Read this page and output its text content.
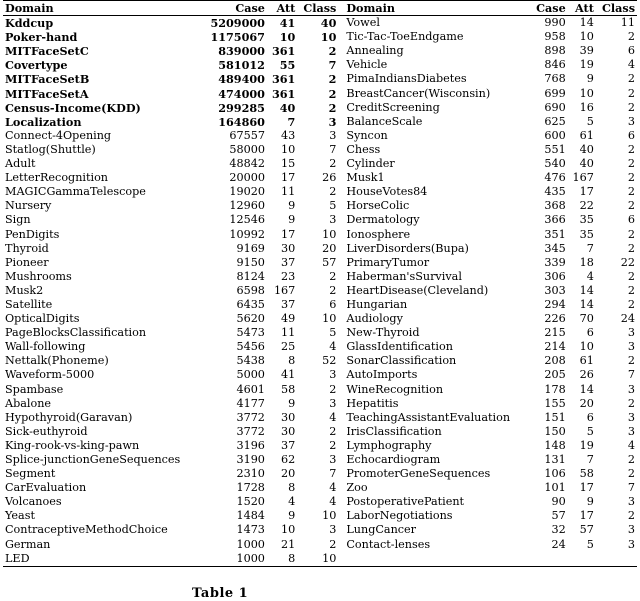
Domain	Case	Att	Class		Domain	Case	Att	Class
Kddcup	5209000	41	40		Vowel	990	14	11
Poker-hand	1175067	10	10		Tic-Tac-ToeEndgame	958	10	2
MITFaceSetC	839000	361	2		Annealing	898	39	6
Covertype	581012	55	7		Vehicle	846	19	4
MITFaceSetB	489400	361	2		PimaIndiansDiabetes	768	9	2
MITFaceSetA	474000	361	2		BreastCancer(Wisconsin)	699	10	2
Census-Income(KDD)	299285	40	2		CreditScreening	690	16	2
Localization	164860	7	3		BalanceScale	625	5	3
Connect-4Opening	67557	43	3		Syncon	600	61	6
Statlog(Shuttle)	58000	10	7		Chess	551	40	2
Adult	48842	15	2		Cylinder	540	40	2
LetterRecognition	20000	17	26		Musk1	476	167	2
MAGICGammaTelescope	19020	11	2		HouseVotes84	435	17	2
Nursery	12960	9	5		HorseColic	368	22	2
Sign	12546	9	3		Dermatology	366	35	6
PenDigits	10992	17	10		Ionosphere	351	35	2
Thyroid	9169	30	20		LiverDisorders(Bupa)	345	7	2
Pioneer	9150	37	57		PrimaryTumor	339	18	22
Mushrooms	8124	23	2		Haberman'sSurvival	306	4	2
Musk2	6598	167	2		HeartDisease(Cleveland)	303	14	2
Satellite	6435	37	6		Hungarian	294	14	2
OpticalDigits	5620	49	10		Audiology	226	70	24
PageBlocksClassification	5473	11	5		New-Thyroid	215	6	3
Wall-following	5456	25	4		GlassIdentification	214	10	3
Nettalk(Phoneme)	5438	8	52		SonarClassification	208	61	2
Waveform-5000	5000	41	3		AutoImports	205	26	7
Spambase	4601	58	2		WineRecognition	178	14	3
Abalone	4177	9	3		Hepatitis	155	20	2
Hypothyroid(Garavan)	3772	30	4		TeachingAssistantEvaluation	151	6	3
Sick-euthyroid	3772	30	2		IrisClassification	150	5	3
King-rook-vs-king-pawn	3196	37	2		Lymphography	148	19	4
Splice-junctionGeneSequences	3190	62	3		Echocardiogram	131	7	2
Segment	2310	20	7		PromoterGeneSequences	106	58	2
CarEvaluation	1728	8	4		Zoo	101	17	7
Volcanoes	1520	4	4		PostoperativePatient	90	9	3
Yeast	1484	9	10		LaborNegotiations	57	17	2
ContraceptiveMethodChoice	1473	10	3		LungCancer	32	57	3
German	1000	21	2		Contact-lenses	24	5	3
LED	1000	8	10					
Table 1
